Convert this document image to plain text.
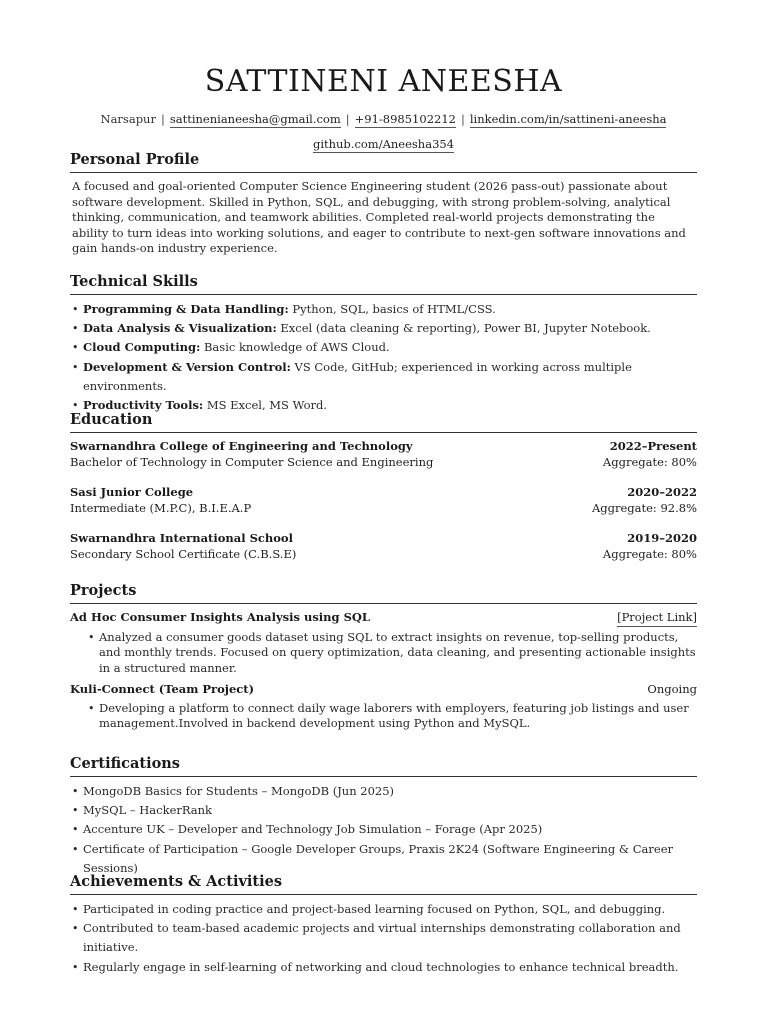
SATTINENI ANEESHA
Narsapur | sattinenianeesha@gmail.com | +91-8985102212 | linkedin.com/in/sattineni-aneesha
github.com/Aneesha354
Personal Profile

A focused and goal-oriented Computer Science Engineering student (2026 pass-out) passionate about software development. Skilled in Python, SQL, and debugging, with strong problem-solving, analytical thinking, communication, and teamwork abilities. Completed real-world projects demonstrating the ability to turn ideas into working solutions, and eager to contribute to next-gen software innovations and gain hands-on industry experience.

Technical Skills
• Programming & Data Handling: Python, SQL, basics of HTML/CSS.
• Data Analysis & Visualization: Excel (data cleaning & reporting), Power BI, Jupyter Notebook.
• Cloud Computing: Basic knowledge of AWS Cloud.
• Development & Version Control: VS Code, GitHub; experienced in working across multiple environments.
• Productivity Tools: MS Excel, MS Word.
Education
Swarnandhra College of Engineering and Technology	2022–Present
Bachelor of Technology in Computer Science and Engineering	Aggregate: 80%
Sasi Junior College	2020–2022
Intermediate (M.P.C), B.I.E.A.P	Aggregate: 92.8%
Swarnandhra International School	2019–2020
Secondary School Certificate (C.B.S.E)	Aggregate: 80%
Projects
Ad Hoc Consumer Insights Analysis using SQL	[Project Link]
• Analyzed a consumer goods dataset using SQL to extract insights on revenue, top-selling products, and monthly trends. Focused on query optimization, data cleaning, and presenting actionable insights in a structured manner.
Kuli-Connect (Team Project)	Ongoing
• Developing a platform to connect daily wage laborers with employers, featuring job listings and user management.Involved in backend development using Python and MySQL.
Certifications
• MongoDB Basics for Students – MongoDB (Jun 2025)
• MySQL – HackerRank
• Accenture UK – Developer and Technology Job Simulation – Forage (Apr 2025)
• Certificate of Participation – Google Developer Groups, Praxis 2K24 (Software Engineering & Career Sessions)
Achievements & Activities
• Participated in coding practice and project-based learning focused on Python, SQL, and debugging.
• Contributed to team-based academic projects and virtual internships demonstrating collaboration and initiative.
• Regularly engage in self-learning of networking and cloud technologies to enhance technical breadth.
